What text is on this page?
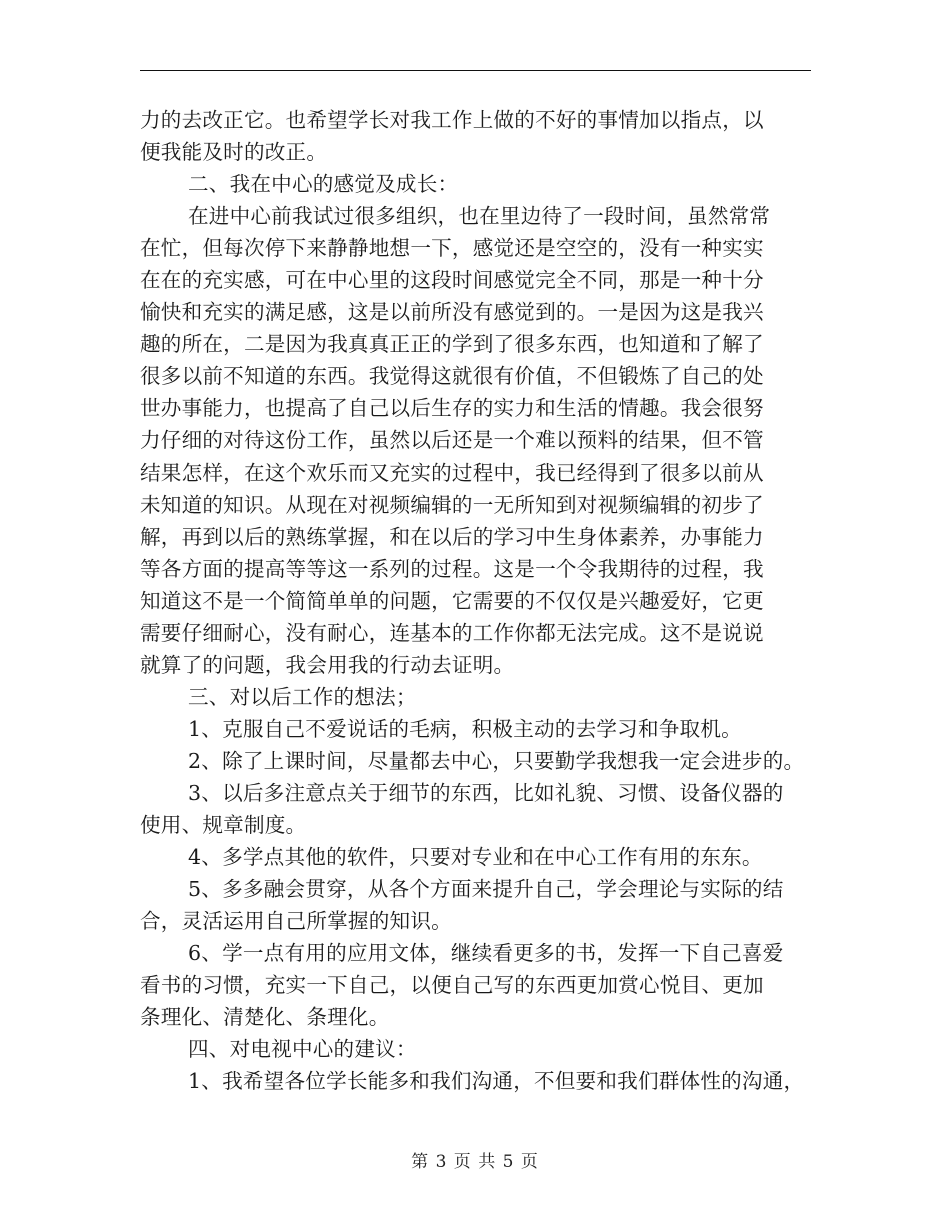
力的去改正它。也希望学长对我工作上做的不好的事情加以指点，以
便我能及时的改正。
二、我在中心的感觉及成长：
在进中心前我试过很多组织，也在里边待了一段时间，虽然常常
在忙，但每次停下来静静地想一下，感觉还是空空的，没有一种实实
在在的充实感，可在中心里的这段时间感觉完全不同，那是一种十分
愉快和充实的满足感，这是以前所没有感觉到的。一是因为这是我兴
趣的所在，二是因为我真真正正的学到了很多东西，也知道和了解了
很多以前不知道的东西。我觉得这就很有价值，不但锻炼了自己的处
世办事能力，也提高了自己以后生存的实力和生活的情趣。我会很努
力仔细的对待这份工作，虽然以后还是一个难以预料的结果，但不管
结果怎样，在这个欢乐而又充实的过程中，我已经得到了很多以前从
未知道的知识。从现在对视频编辑的一无所知到对视频编辑的初步了
解，再到以后的熟练掌握，和在以后的学习中生身体素养，办事能力
等各方面的提高等等这一系列的过程。这是一个令我期待的过程，我
知道这不是一个简简单单的问题，它需要的不仅仅是兴趣爱好，它更
需要仔细耐心，没有耐心，连基本的工作你都无法完成。这不是说说
就算了的问题，我会用我的行动去证明。
三、对以后工作的想法；
1、克服自己不爱说话的毛病，积极主动的去学习和争取机。
2、除了上课时间，尽量都去中心，只要勤学我想我一定会进步的。
3、以后多注意点关于细节的东西，比如礼貌、习惯、设备仪器的
使用、规章制度。
4、多学点其他的软件，只要对专业和在中心工作有用的东东。
5、多多融会贯穿，从各个方面来提升自己，学会理论与实际的结
合，灵活运用自己所掌握的知识。
6、学一点有用的应用文体，继续看更多的书，发挥一下自己喜爱
看书的习惯，充实一下自己，以便自己写的东西更加赏心悦目、更加
条理化、清楚化、条理化。
四、对电视中心的建议：
1、我希望各位学长能多和我们沟通，不但要和我们群体性的沟通，
第 3 页 共 5 页
